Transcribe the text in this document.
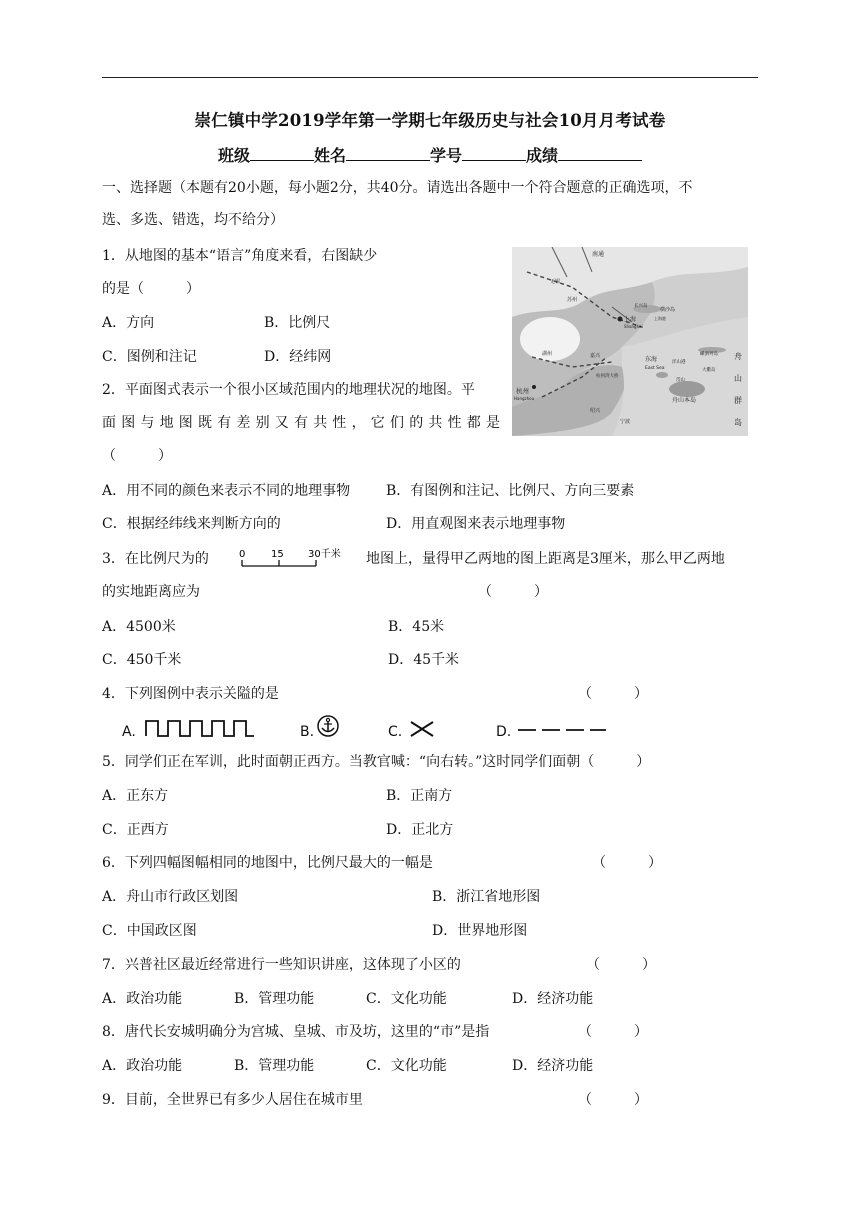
崇仁镇中学2019学年第一学期七年级历史与社会10月月考试卷
班级	姓名	学号	成绩
一、选择题（本题有20小题，每小题2分，共40分。请选出各题中一个符合题意的正确选项，不
选、多选、错选，均不给分）
1．从地图的基本“语言”角度来看，右图缺少
的是（　　　）
A．方向	B．比例尺
C．图例和注记	D．经纬网
南通
无锡
苏州
上海
Shanghai
长兴岛
横沙岛
上海港
东海
East Sea
湖州	嘉兴
杭州湾大桥
杭州
Hangzhou
绍兴
宁波
洋山港
嵊泗列岛
大衢岛
岱山
舟山本岛
舟
山
群
岛
2．平面图式表示一个很小区域范围内的地理状况的地图。平
面图与地图既有差别又有共性，它们的共性都是
（　　　）
A．用不同的颜色来表示不同的地理事物	B．有图例和注记、比例尺、方向三要素
C．根据经纬线来判断方向的	D．用直观图来表示地理事物
3．在比例尺为的	0	15 30千米 地图上，量得甲乙两地的图上距离是3厘米，那么甲乙两地
的实地距离应为	（　　　）
A．4500米	B．45米
C．450千米	D．45千米
4．下列图例中表示关隘的是	（　　　）
A.	B.	C.	D.
5．同学们正在军训，此时面朝正西方。当教官喊：“向右转。”这时同学们面朝（　　　）
A．正东方	B．正南方
C．正西方	D．正北方
6．下列四幅图幅相同的地图中，比例尺最大的一幅是	（　　　）
A．舟山市行政区划图	B．浙江省地形图
C．中国政区图	D．世界地形图
7．兴普社区最近经常进行一些知识讲座，这体现了小区的	（　　　）
A．政治功能	B．管理功能	C．文化功能	D．经济功能
8．唐代长安城明确分为宫城、皇城、市及坊，这里的“市”是指	（　　　）
A．政治功能	B．管理功能	C．文化功能	D．经济功能
9．目前，全世界已有多少人居住在城市里	（　　　）
